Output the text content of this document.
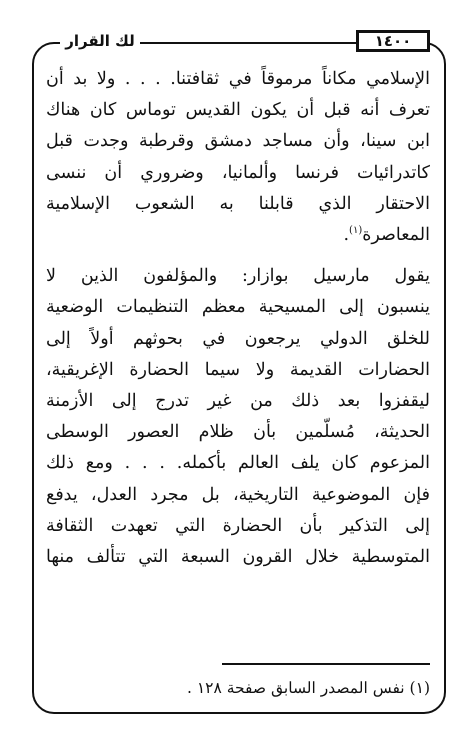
١٤٠٠
لك القرار

الإسلامي مكاناً مرموقاً في ثقافتنا. . . . ولا بد أن
تعرف أنه قبل أن يكون القديس توماس كان هناك
ابن سينا، وأن مساجد دمشق وقرطبة وجدت قبل
كاتدرائيات فرنسا وألمانيا، وضروري أن ننسى
الاحتقار الذي قابلنا به الشعوب الإسلامية
المعاصرة$^{(١)}$.

يقول مارسيل بوازار: والمؤلفون الذين لا
ينسبون إلى المسيحية معظم التنظيمات الوضعية
للخلق الدولي يرجعون في بحوثهم أولاً إلى
الحضارات القديمة ولا سيما الحضارة الإغريقية،
ليقفزوا بعد ذلك من غير تدرج إلى الأزمنة
الحديثة، مُسلّمين بأن ظلام العصور الوسطى
المزعوم كان يلف العالم بأكمله. . . . ومع ذلك
فإن الموضوعية التاريخية، بل مجرد العدل، يدفع
إلى التذكير بأن الحضارة التي تعهدت الثقافة
المتوسطية خلال القرون السبعة التي تتألف منها

(١) نفس المصدر السابق صفحة ١٢٨ .
